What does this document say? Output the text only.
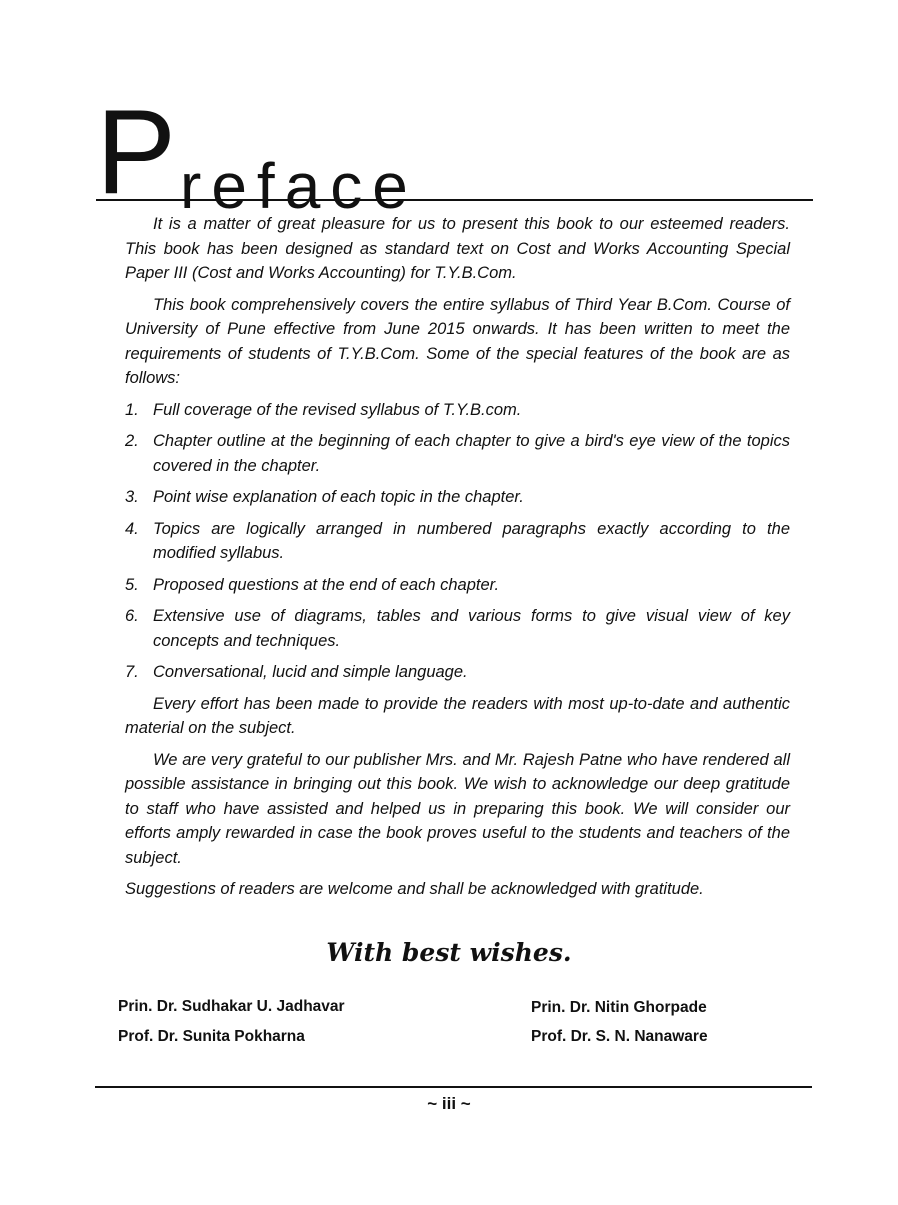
P reface

It is a matter of great pleasure for us to present this book to our esteemed readers. This book has been designed as standard text on Cost and Works Accounting Special Paper III (Cost and Works Accounting) for T.Y.B.Com.

This book comprehensively covers the entire syllabus of Third Year B.Com. Course of University of Pune effective from June 2015 onwards. It has been written to meet the requirements of students of T.Y.B.Com. Some of the special features of the book are as follows:

1. Full coverage of the revised syllabus of T.Y.B.com.
2. Chapter outline at the beginning of each chapter to give a bird's eye view of the topics covered in the chapter.
3. Point wise explanation of each topic in the chapter.
4. Topics are logically arranged in numbered paragraphs exactly according to the modified syllabus.
5. Proposed questions at the end of each chapter.
6. Extensive use of diagrams, tables and various forms to give visual view of key concepts and techniques.
7. Conversational, lucid and simple language.

Every effort has been made to provide the readers with most up-to-date and authentic material on the subject.

We are very grateful to our publisher Mrs. and Mr. Rajesh Patne who have rendered all possible assistance in bringing out this book. We wish to acknowledge our deep gratitude to staff who have assisted and helped us in preparing this book. We will consider our efforts amply rewarded in case the book proves useful to the students and teachers of the subject.

Suggestions of readers are welcome and shall be acknowledged with gratitude.

With best wishes.
Prin. Dr. Sudhakar U. Jadhavar
Prof. Dr. Sunita Pokharna
Prin. Dr. Nitin Ghorpade
Prof. Dr. S. N. Nanaware
~ iii ~
